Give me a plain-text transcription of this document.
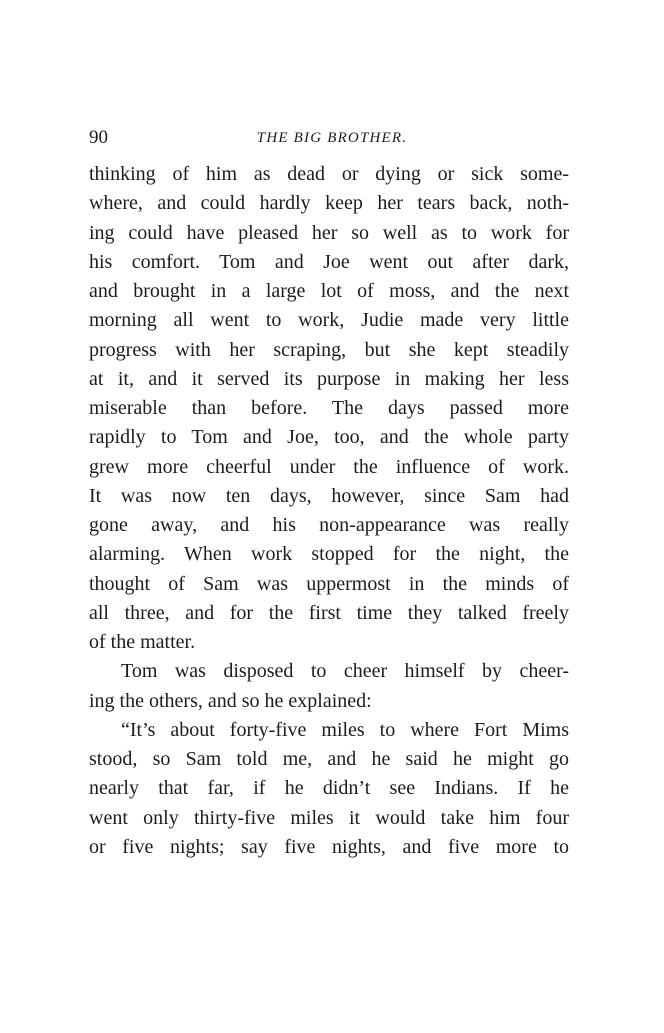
90	THE BIG BROTHER.
thinking of him as dead or dying or sick some-
where, and could hardly keep her tears back, noth-
ing could have pleased her so well as to work for
his comfort. Tom and Joe went out after dark,
and brought in a large lot of moss, and the next
morning all went to work, Judie made very little
progress with her scraping, but she kept steadily
at it, and it served its purpose in making her less
miserable than before. The days passed more
rapidly to Tom and Joe, too, and the whole party
grew more cheerful under the influence of work.
It was now ten days, however, since Sam had
gone away, and his non-appearance was really
alarming. When work stopped for the night, the
thought of Sam was uppermost in the minds of
all three, and for the first time they talked freely
of the matter.
Tom was disposed to cheer himself by cheer-
ing the others, and so he explained:
“It’s about forty-five miles to where Fort Mims
stood, so Sam told me, and he said he might go
nearly that far, if he didn’t see Indians. If he
went only thirty-five miles it would take him four
or five nights; say five nights, and five more to
